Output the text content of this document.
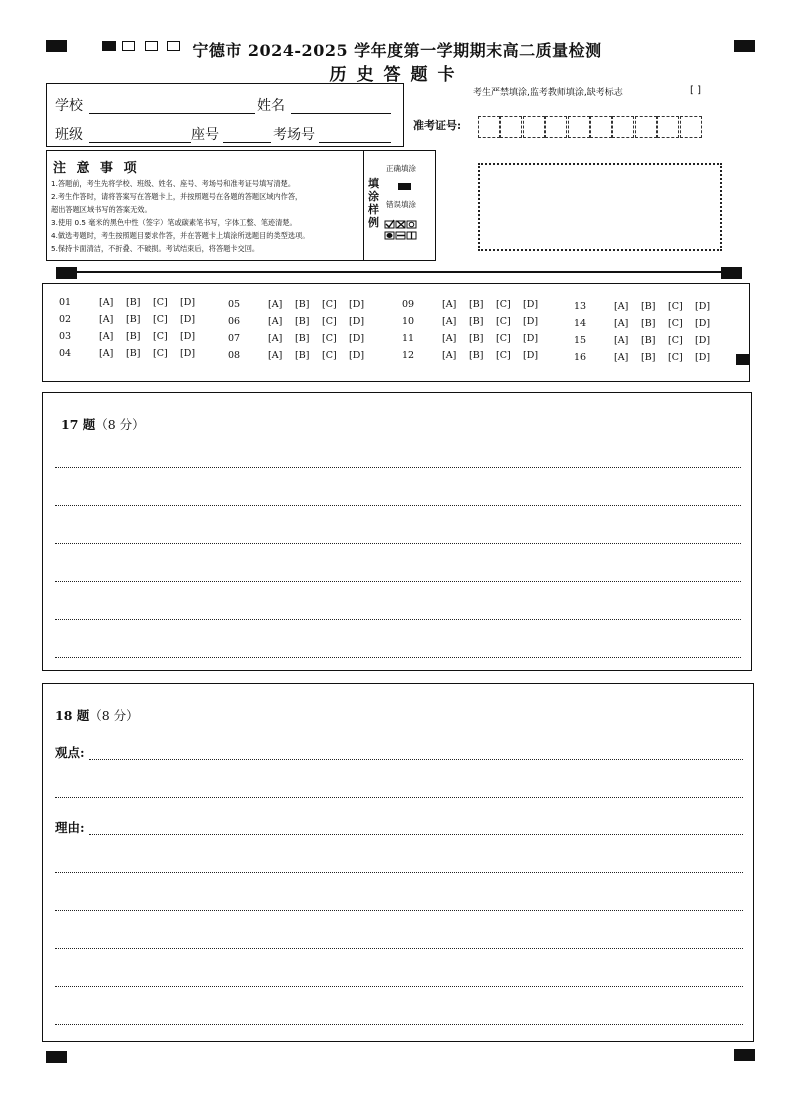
宁德市 2024-2025 学年度第一学期期末高二质量检测
历史答题卡
学校	姓名
班级	座号	考场号
考生严禁填涂,监考教师填涂,缺考标志	[ ]
准考证号:
注 意 事 项
1.答题前，考生先将学校、班级、姓名、座号、考场号和准考证号填写清楚。
2.考生作答时，请将答案写在答题卡上，并按照题号在各题的答题区域内作答，
超出答题区域书写的答案无效。
3.使用 0.5 毫米的黑色中性（签字）笔或碳素笔书写，字体工整、笔迹清楚。
4.做选考题时，考生按照题目要求作答，并在答题卡上填涂所选题目的类型选项。
5.保持卡面清洁，不折叠、不破损。考试结束后，将答题卡交回。
填
涂
样
例
正确填涂
错误填涂
01	[A] [B] [C] [D]
02	[A] [B] [C] [D]
03	[A] [B] [C] [D]
04	[A] [B] [C] [D]
05	[A] [B] [C] [D]
06	[A] [B] [C] [D]
07	[A] [B] [C] [D]
08	[A] [B] [C] [D]
09	[A] [B] [C] [D]
10	[A] [B] [C] [D]
11	[A] [B] [C] [D]
12	[A] [B] [C] [D]
13	[A] [B] [C] [D]
14	[A] [B] [C] [D]
15	[A] [B] [C] [D]
16	[A] [B] [C] [D]
17 题（8 分）
18 题（8 分）
观点:
理由:
